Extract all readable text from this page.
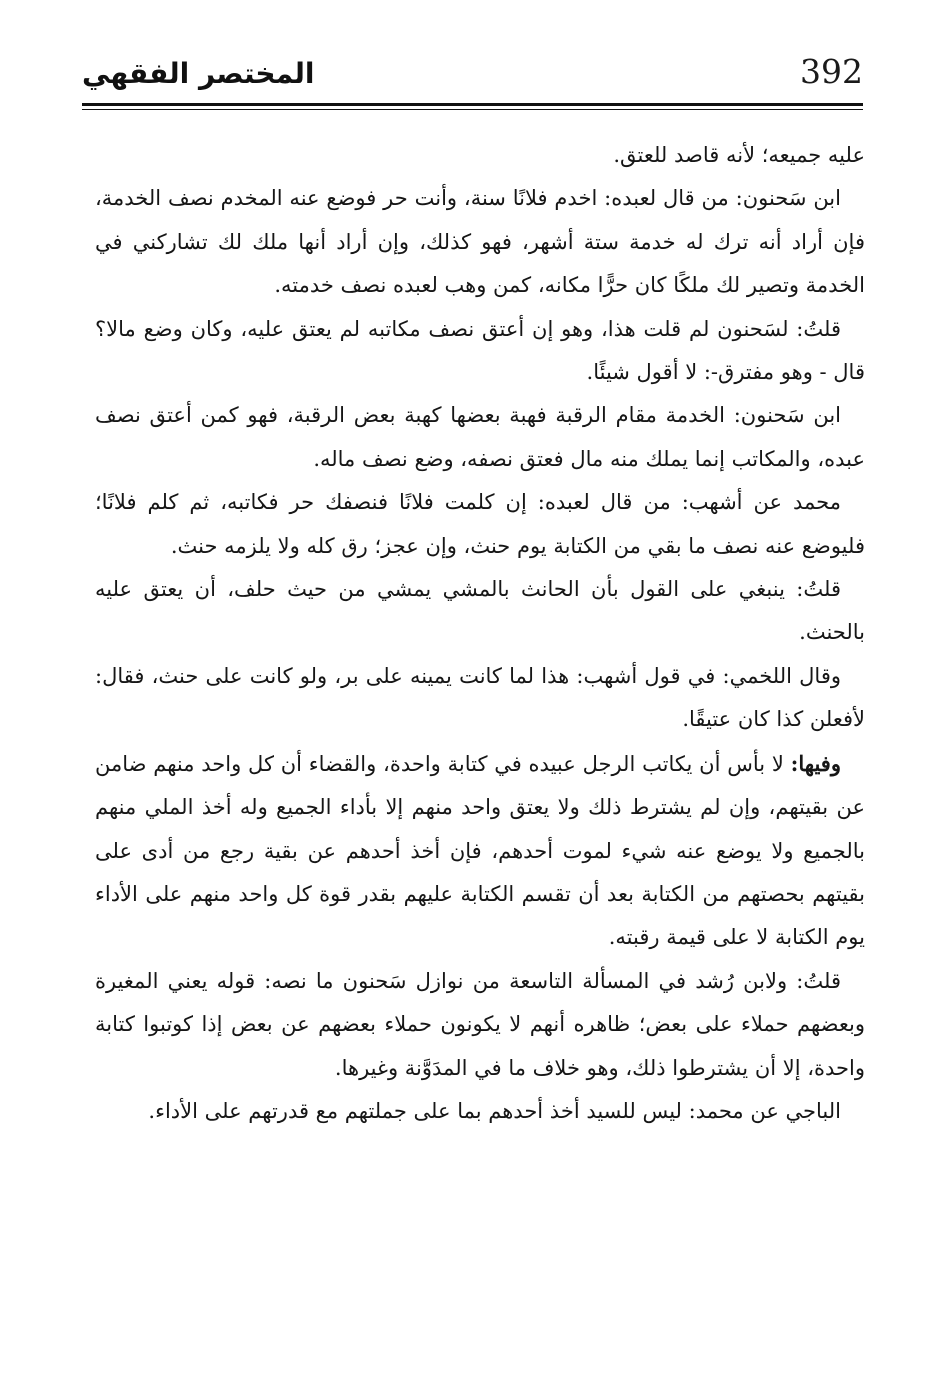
392
المختصر الفقهي

عليه جميعه؛ لأنه قاصد للعتق.

ابن سَحنون: من قال لعبده: اخدم فلانًا سنة، وأنت حر فوضع عنه المخدم نصف الخدمة، فإن أراد أنه ترك له خدمة ستة أشهر، فهو كذلك، وإن أراد أنها ملك لك تشاركني في الخدمة وتصير لك ملكًا كان حرًّا مكانه، كمن وهب لعبده نصف خدمته.

قلتُ: لسَحنون لم قلت هذا، وهو إن أعتق نصف مكاتبه لم يعتق عليه، وكان وضع مالا؟ قال - وهو مفترق-: لا أقول شيئًا.

ابن سَحنون: الخدمة مقام الرقبة فهبة بعضها كهبة بعض الرقبة، فهو كمن أعتق نصف عبده، والمكاتب إنما يملك منه مال فعتق نصفه، وضع نصف ماله.

محمد عن أشهب: من قال لعبده: إن كلمت فلانًا فنصفك حر فكاتبه، ثم كلم فلانًا؛ فليوضع عنه نصف ما بقي من الكتابة يوم حنث، وإن عجز؛ رق كله ولا يلزمه حنث.

قلتُ: ينبغي على القول بأن الحانث بالمشي يمشي من حيث حلف، أن يعتق عليه بالحنث.

وقال اللخمي: في قول أشهب: هذا لما كانت يمينه على بر، ولو كانت على حنث، فقال: لأفعلن كذا كان عتيقًا.

وفيها: لا بأس أن يكاتب الرجل عبيده في كتابة واحدة، والقضاء أن كل واحد منهم ضامن عن بقيتهم، وإن لم يشترط ذلك ولا يعتق واحد منهم إلا بأداء الجميع وله أخذ الملي منهم بالجميع ولا يوضع عنه شيء لموت أحدهم، فإن أخذ أحدهم عن بقية رجع من أدى على بقيتهم بحصتهم من الكتابة بعد أن تقسم الكتابة عليهم بقدر قوة كل واحد منهم على الأداء يوم الكتابة لا على قيمة رقبته.

قلتُ: ولابن رُشد في المسألة التاسعة من نوازل سَحنون ما نصه: قوله يعني المغيرة وبعضهم حملاء على بعض؛ ظاهره أنهم لا يكونون حملاء بعضهم عن بعض إذا كوتبوا كتابة واحدة، إلا أن يشترطوا ذلك، وهو خلاف ما في المدَوَّنة وغيرها.

الباجي عن محمد: ليس للسيد أخذ أحدهم بما على جملتهم مع قدرتهم على الأداء.
